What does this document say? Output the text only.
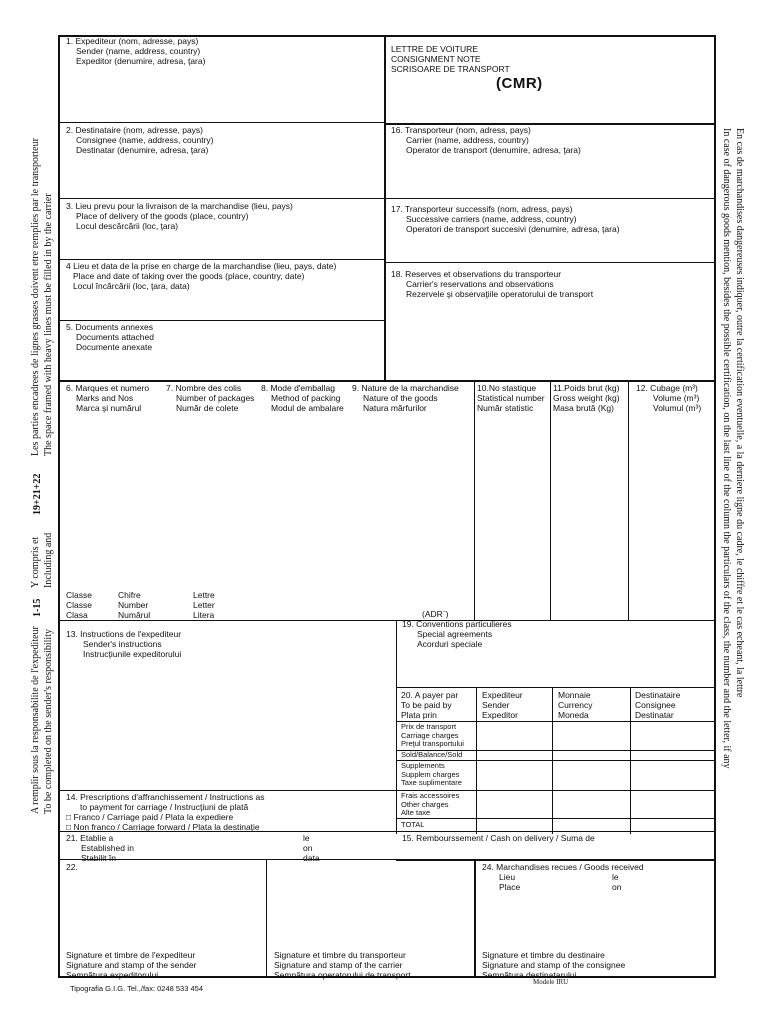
Les parties encadrees de lignes grasses doivent etre remplies par le transporteur The space framed with heavy lines must be filled in by the carrier
19+21+22
Y compris et Including and
1-15
A remplir sous la responsabilite de l'expediteur To be completed on the sender's responsibility
En cas de marchandises dangereuses indiquer, outre la certification eventuelle, a la derniere ligne du cadre, le chiffre et le cas echeant, la lettre
In case of dangerous goods mention, besides the possible certification, on the last line of the column the particulars of the class, the number and the letter, if any
1. Expediteur (nom, adresse, pays)
Sender (name, address, country)
Expeditor (denumire, adresa, ţara)
LETTRE DE VOITURE
CONSIGNMENT NOTE
SCRISOARE DE TRANSPORT
(CMR)
2. Destinataire (nom, adresse, pays)
Consignee (name, address, country)
Destinatar (denumire, adresa, ţara)
16. Transporteur (nom, adress, pays)
Carrier (name, address, country)
Operator de transport (denumire, adresa, ţara)
3. Lieu prevu pour la livraison de la marchandise (lieu, pays)
Place of delivery of the goods (place, country)
Locul descărcării (loc, ţara)
17. Transporteur successifs (nom, adress, pays)
Successive carriers (name, address, country)
Operatori de transport succesivi (denumire, adresa, ţara)
4 Lieu et data de la prise en charge de la marchandise (lieu, pays, date)
Place and date of taking over the goods (place, country, date)
Locul încărcării (loc, ţara, data)
18. Reserves et observations du transporteur
Carrier's reservations and observations
Rezervele şi observaţiile operatorului de transport
5. Documents annexes
Documents attached
Documente anexate
6. Marques et numero
Marks and Nos
Marca şi numărul
7. Nombre des colis
Number of packages
Număr de colete
8. Mode d'emballag
Method of packing
Modul de ambalare
9. Nature de la marchandise
Nature of the goods
Natura mărfurilor
10.No stastique
Statistical number
Număr statistic
11.Poids brut (kg)
Gross weight (kg)
Masa brută (Kg)
12. Cubage (m³)
Volume (m³)
Volumul (m³)
Classe
Classe
Clasa
Chifre
Number
Numărul
Lettre
Letter
Litera	(ADR¨)
13. Instructions de l'expediteur
Sender's instructions
Instrucţiunile expeditorului
19. Conventions particulieres
Special agreements
Acorduri speciale
20. A payer par
To be paid by
Plata prin
Expediteur
Sender
Expeditor
Monnaie
Currency
Moneda
Destinataire
Consignee
Destinatar
Prix de transport
Carriage charges
Preţul transportului
Sold/Balance/Sold
Supplements
Supplem charges
Taxe suplimentare
Frais accessoires
Other charges
Alte taxe
TOTAL
14. Prescriptions d'affranchissement / Instructions as
to payment for carriage / Instrucţiuni de plată
□ Franco / Carriage paid / Plata la expediere
□ Non franco / Carriage forward / Plata la destinaţie
15. Rembourssement / Cash on delivery / Suma de
21. Etablie a
Established in
Stabilit în
le
on
data
22.	24. Marchandises recues / Goods received
Lieu
Place
le
on
Signature et timbre de l'expediteur
Signature and stamp of the sender
Semnătura expeditorului
Signature et timbre du transporteur
Signature and stamp of the carrier
Semnătura operatorului de transport
Signature et timbre du destinaire
Signature and stamp of the consignee
Semnătura destinatarului
Tipografia G.I.G. Tel.,/fax: 0248 533 454
Modele IRU
